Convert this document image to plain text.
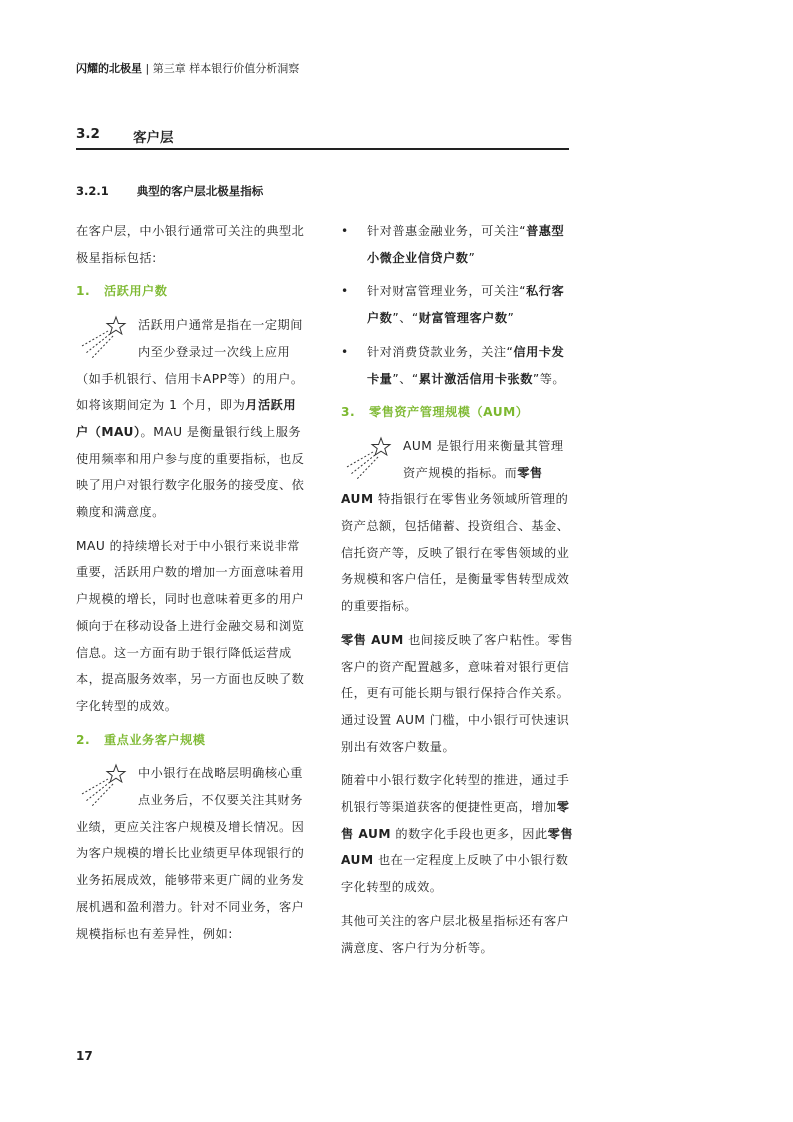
闪耀的北极星 | 第三章 样本银行价值分析洞察
3.2 客户层
3.2.1 典型的客户层北极星指标

在客户层，中小银行通常可关注的典型北极星指标包括:

1. 活跃用户数

活跃用户通常是指在一定期间内至少登录过一次线上应用（如手机银行、信用卡APP等）的用户。如将该期间定为 1 个月，即为月活跃用户（MAU）。MAU 是衡量银行线上服务使用频率和用户参与度的重要指标，也反映了用户对银行数字化服务的接受度、依赖度和满意度。

MAU 的持续增长对于中小银行来说非常重要，活跃用户数的增加一方面意味着用户规模的增长，同时也意味着更多的用户倾向于在移动设备上进行金融交易和浏览信息。这一方面有助于银行降低运营成本，提高服务效率，另一方面也反映了数字化转型的成效。

2. 重点业务客户规模

中小银行在战略层明确核心重点业务后，不仅要关注其财务业绩，更应关注客户规模及增长情况。因为客户规模的增长比业绩更早体现银行的业务拓展成效，能够带来更广阔的业务发展机遇和盈利潜力。针对不同业务，客户规模指标也有差异性，例如:

• 针对普惠金融业务，可关注“普惠型小微企业信贷户数”

• 针对财富管理业务，可关注“私行客户数”、“财富管理客户数”

• 针对消费贷款业务，关注“信用卡发卡量”、“累计激活信用卡张数”等。

3. 零售资产管理规模（AUM）

AUM 是银行用来衡量其管理资产规模的指标。而零售 AUM 特指银行在零售业务领域所管理的资产总额，包括储蓄、投资组合、基金、信托资产等，反映了银行在零售领域的业务规模和客户信任，是衡量零售转型成效的重要指标。

零售 AUM 也间接反映了客户粘性。零售客户的资产配置越多，意味着对银行更信任，更有可能长期与银行保持合作关系。通过设置 AUM 门槛，中小银行可快速识别出有效客户数量。

随着中小银行数字化转型的推进，通过手机银行等渠道获客的便捷性更高，增加零售 AUM 的数字化手段也更多，因此零售 AUM 也在一定程度上反映了中小银行数字化转型的成效。

其他可关注的客户层北极星指标还有客户满意度、客户行为分析等。

17
